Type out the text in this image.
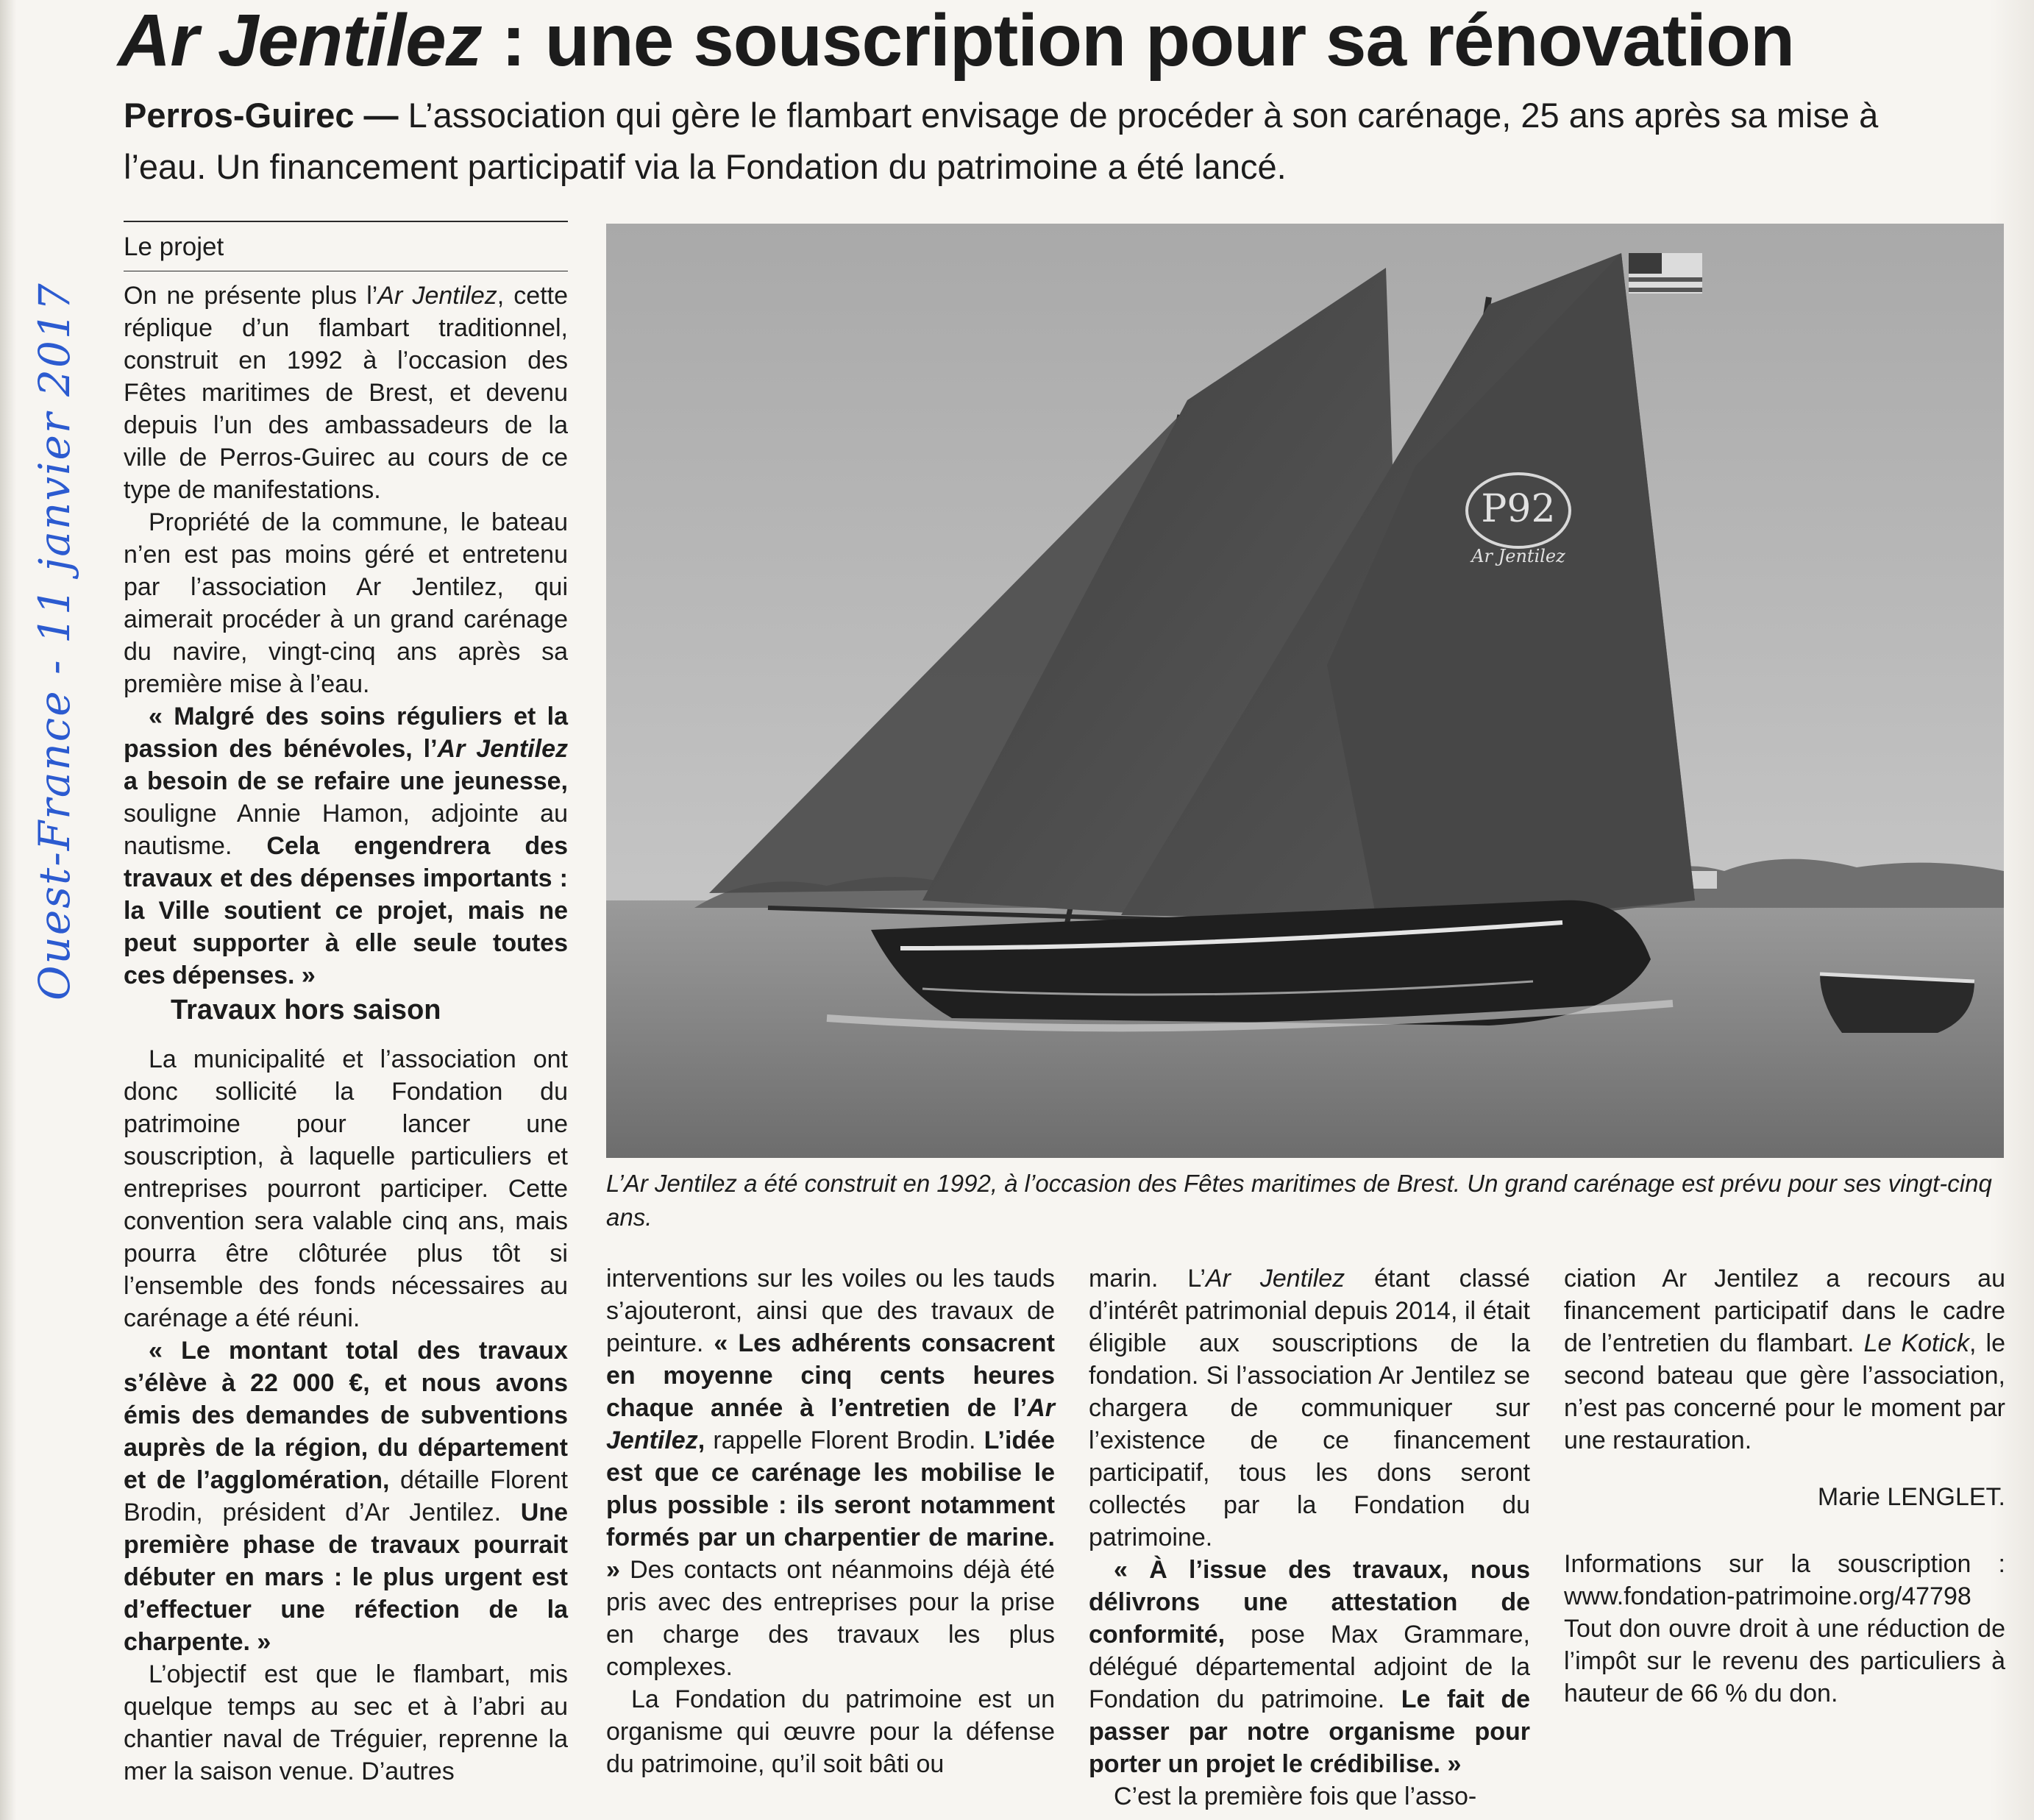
Ar Jentilez : une souscription pour sa rénovation
Perros-Guirec — L’association qui gère le flambart envisage de procéder à son carénage, 25 ans après sa mise à l’eau. Un financement participatif via la Fondation du patrimoine a été lancé.
Ouest-France - 11 janvier 2017
Le projet

On ne présente plus l’Ar Jentilez, cette réplique d’un flambart traditionnel, construit en 1992 à l’occasion des Fêtes maritimes de Brest, et devenu depuis l’un des ambassadeurs de la ville de Perros-Guirec au cours de ce type de manifestations.

Propriété de la commune, le bateau n’en est pas moins géré et entretenu par l’association Ar Jentilez, qui aimerait procéder à un grand carénage du navire, vingt-cinq ans après sa première mise à l’eau.

« Malgré des soins réguliers et la passion des bénévoles, l’Ar Jentilez a besoin de se refaire une jeunesse, souligne Annie Hamon, adjointe au nautisme. Cela engendrera des travaux et des dépenses importants : la Ville soutient ce projet, mais ne peut supporter à elle seule toutes ces dépenses. »

Travaux hors saison

La municipalité et l’association ont donc sollicité la Fondation du patrimoine pour lancer une souscription, à laquelle particuliers et entreprises pourront participer. Cette convention sera valable cinq ans, mais pourra être clôturée plus tôt si l’ensemble des fonds nécessaires au carénage a été réuni.

« Le montant total des travaux s’élève à 22 000 €, et nous avons émis des demandes de subventions auprès de la région, du département et de l’agglomération, détaille Florent Brodin, président d’Ar Jentilez. Une première phase de travaux pourrait débuter en mars : le plus urgent est d’effectuer une réfection de la charpente. »

L’objectif est que le flambart, mis quelque temps au sec et à l’abri au chantier naval de Tréguier, reprenne la mer la saison venue. D’autres

P92
Ar Jentilez
L’Ar Jentilez a été construit en 1992, à l’occasion des Fêtes maritimes de Brest. Un grand carénage est prévu pour ses vingt-cinq ans.

interventions sur les voiles ou les tauds s’ajouteront, ainsi que des travaux de peinture. « Les adhérents consacrent en moyenne cinq cents heures chaque année à l’entretien de l’Ar Jentilez, rappelle Florent Brodin. L’idée est que ce carénage les mobilise le plus possible : ils seront notamment formés par un charpentier de marine. » Des contacts ont néanmoins déjà été pris avec des entreprises pour la prise en charge des travaux les plus complexes.

La Fondation du patrimoine est un organisme qui œuvre pour la défense du patrimoine, qu’il soit bâti ou

marin. L’Ar Jentilez étant classé d’intérêt patrimonial depuis 2014, il était éligible aux souscriptions de la fondation. Si l’association Ar Jentilez se chargera de communiquer sur l’existence de ce financement participatif, tous les dons seront collectés par la Fondation du patrimoine.

« À l’issue des travaux, nous délivrons une attestation de conformité, pose Max Grammare, délégué départemental adjoint de la Fondation du patrimoine. Le fait de passer par notre organisme pour porter un projet le crédibilise. »

C’est la première fois que l’asso-

ciation Ar Jentilez a recours au financement participatif dans le cadre de l’entretien du flambart. Le Kotick, le second bateau que gère l’association, n’est pas concerné pour le moment par une restauration.

Marie LENGLET.

Informations sur la souscription : www.fondation-patrimoine.org/47798 Tout don ouvre droit à une réduction de l’impôt sur le revenu des particuliers à hauteur de 66 % du don.
